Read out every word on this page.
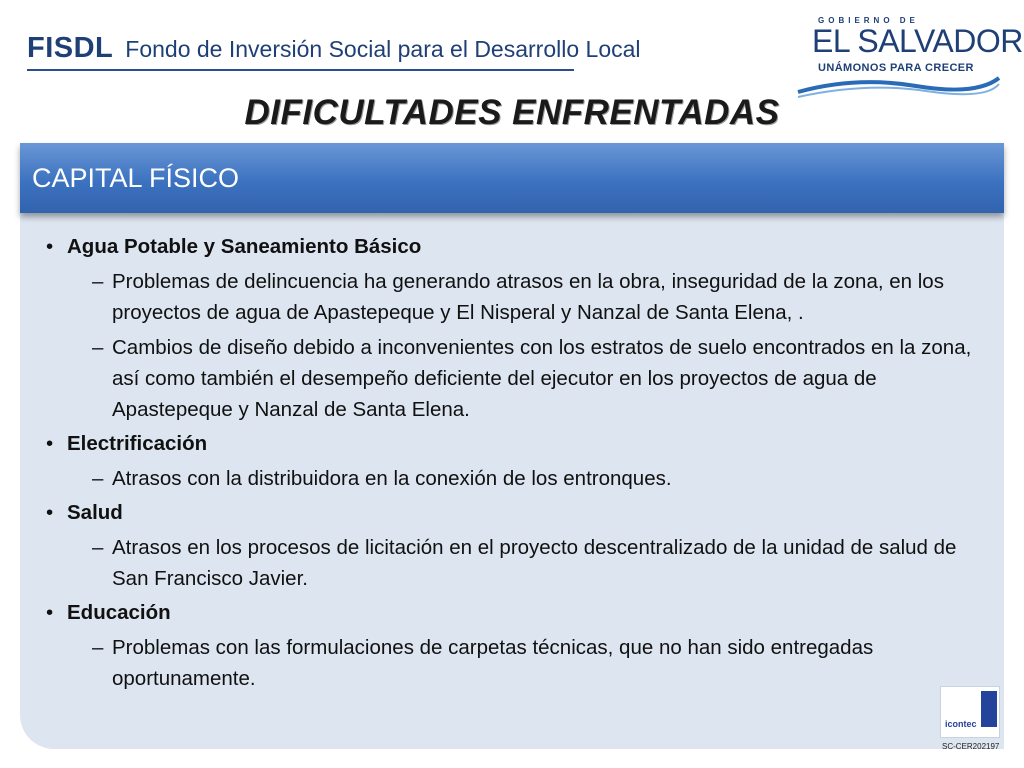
FISDL Fondo de Inversión Social para el Desarrollo Local
GOBIERNO DE
EL SALVADOR
UNÁMONOS PARA CRECER
DIFICULTADES ENFRENTADAS
CAPITAL FÍSICO
• Agua Potable y Saneamiento Básico
– Problemas de delincuencia ha generando atrasos en la obra, inseguridad de la zona, en los proyectos de agua de Apastepeque y El Nisperal y Nanzal de Santa Elena, .
– Cambios de diseño debido a inconvenientes con los estratos de suelo encontrados en la zona, así como también el desempeño deficiente del ejecutor en los proyectos de agua de Apastepeque y Nanzal de Santa Elena.
• Electrificación
– Atrasos con la distribuidora en la conexión de los entronques.
• Salud
– Atrasos en los procesos de licitación en el proyecto descentralizado de la unidad de salud de San Francisco Javier.
• Educación
– Problemas con las formulaciones de carpetas técnicas, que no han sido entregadas oportunamente.
icontec
SC-CER202197
